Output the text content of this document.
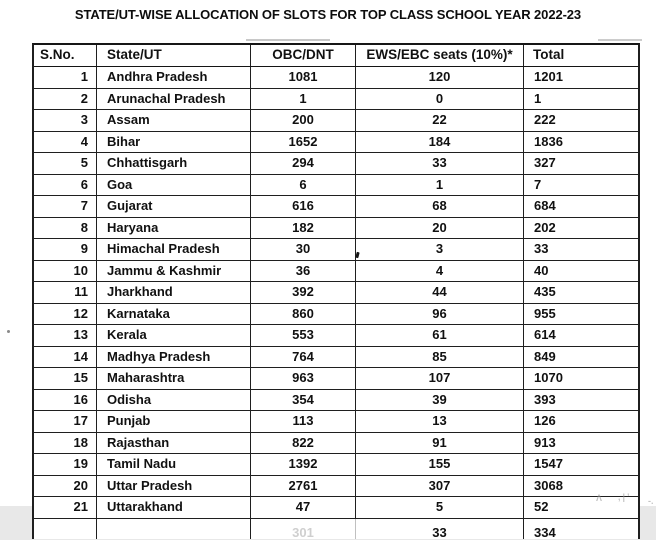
STATE/UT-WISE ALLOCATION OF SLOTS FOR TOP CLASS SCHOOL YEAR 2022-23
S.No.	State/UT	OBC/DNT	EWS/EBC seats (10%)*	Total
1	Andhra Pradesh	1081	120	1201
2	Arunachal Pradesh	1	0	1
3	Assam	200	22	222
4	Bihar	1652	184	1836
5	Chhattisgarh	294	33	327
6	Goa	6	1	7
7	Gujarat	616	68	684
8	Haryana	182	20	202
9	Himachal Pradesh	30	3	33
10	Jammu & Kashmir	36	4	40
11	Jharkhand	392	44	435
12	Karnataka	860	96	955
13	Kerala	553	61	614
14	Madhya Pradesh	764	85	849
15	Maharashtra	963	107	1070
16	Odisha	354	39	393
17	Punjab	113	13	126
18	Rajasthan	822	91	913
19	Tamil Nadu	1392	155	1547
20	Uttar Pradesh	2761	307	3068
21	Uttarakhand	47	5	52
301	33	334
Λ ,|’ -.
